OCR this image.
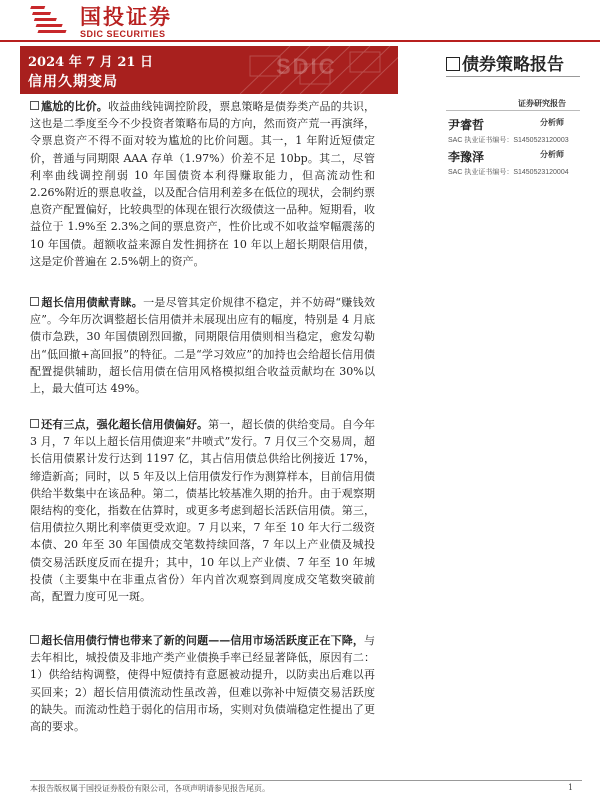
国投证券
SDIC SECURITIES
SDIC
2024 年 7 月 21 日
信用久期变局
债券策略报告
证券研究报告
尹睿哲	分析师
SAC 执业证书编号：S1450523120003
李豫泽	分析师
SAC 执业证书编号：S1450523120004

尴尬的比价。收益曲线钝调控阶段，票息策略是债券类产品的共识，这也是二季度至今不少投资者策略布局的方向，然而资产荒一再演绎，令票息资产不得不面对较为尴尬的比价问题。其一，1 年附近短债定价，普通与同期限 AAA 存单（1.97%）价差不足 10bp。其二，尽管利率曲线调控削弱 10 年国债资本利得赚取能力，但高流动性和 2.26%附近的票息收益，以及配合信用利差多在低位的现状，会制约票息资产配置偏好，比较典型的体现在银行次级债这一品种。短期看，收益位于 1.9%至 2.3%之间的票息资产，性价比或不如收益窄幅震荡的 10 年国债。超额收益来源自发性拥挤在 10 年以上超长期限信用债，这是定价普遍在 2.5%朝上的资产。

超长信用债献青睐。一是尽管其定价规律不稳定，并不妨碍“赚钱效应”。今年历次调整超长信用债并未展现出应有的幅度，特别是 4 月底债市急跌，30 年国债剧烈回撤，同期限信用债则相当稳定，愈发勾勒出“低回撤+高回报”的特征。二是“学习效应”的加持也会给超长信用债配置提供辅助，超长信用债在信用风格模拟组合收益贡献均在 30%以上，最大值可达 49%。

还有三点，强化超长信用债偏好。第一，超长债的供给变局。自今年 3 月，7 年以上超长信用债迎来“井喷式”发行。7 月仅三个交易周，超长信用债累计发行达到 1197 亿，其占信用债总供给比例接近 17%，缔造新高；同时，以 5 年及以上信用债发行作为测算样本，目前信用债供给半数集中在该品种。第二，债基比较基准久期的抬升。由于观察期限结构的变化，指数在估算时，或更多考虑到超长活跃信用债。第三，信用债拉久期比利率债更受欢迎。7 月以来，7 年至 10 年大行二级资本债、20 年至 30 年国债成交笔数持续回落，7 年以上产业债及城投债交易活跃度反而在提升；其中，10 年以上产业债、7 年至 10 年城投债（主要集中在非重点省份）年内首次观察到周度成交笔数突破前高，配置力度可见一斑。

超长信用债行情也带来了新的问题——信用市场活跃度正在下降，与去年相比，城投债及非地产类产业债换手率已经显著降低，原因有二：1）供给结构调整，使得中短债持有意愿被动提升，以防卖出后难以再买回来；2）超长信用债流动性虽改善，但难以弥补中短债交易活跃度的缺失。而流动性趋于弱化的信用市场，实则对负债端稳定性提出了更高的要求。

本报告版权属于国投证券股份有限公司，各项声明请参见报告尾页。	1
